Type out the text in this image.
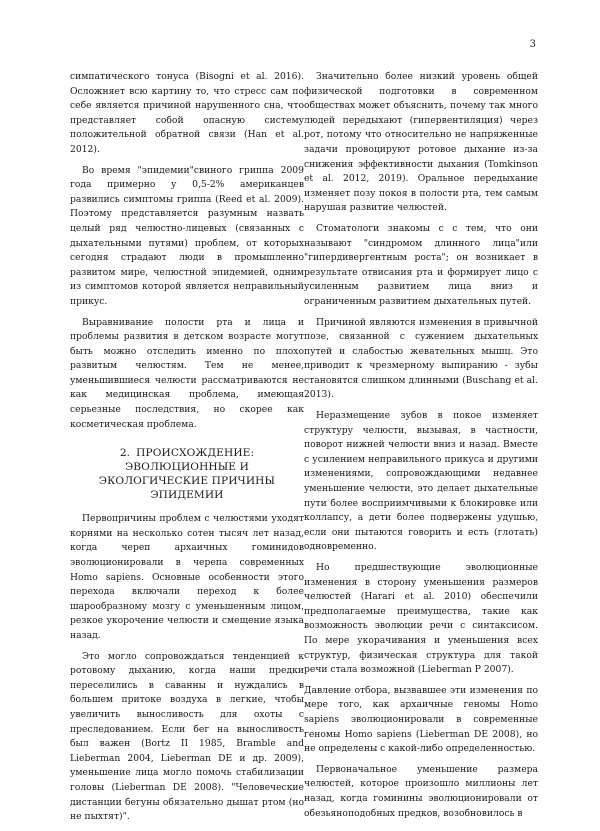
3

симпатического тонуса (Bisogni et al. 2016). Осложняет всю картину то, что стресс сам по себе является причиной нарушенного сна, что представляет собой опасную систему положительной обратной связи (Han et al. 2012).

Во время "эпидемии"свиного гриппа 2009 года примерно у 0,5-2% американцев развились симптомы гриппа (Reed et al. 2009). Поэтому представляется разумным назвать целый ряд челюстно-лицевых (связанных с дыхательными путями) проблем, от которых сегодня страдают люди в промышленно развитом мире, челюстной эпидемией, одним из симптомов которой является неправильный прикус.

Выравнивание полости рта и лица и проблемы развития в детском возрасте могут быть можно отследить именно по плохо развитым челюстям. Тем не менее, уменьшившиеся челюсти рассматриваются не как медицинская проблема, имеющая серьезные последствия, но скорее как косметическая проблема.

2. ПРОИСХОЖДЕНИЕ: ЭВОЛЮЦИОННЫЕ И ЭКОЛОГИЧЕСКИЕ ПРИЧИНЫ ЭПИДЕМИИ

Первопричины проблем с челюстями уходят корнями на несколько сотен тысяч лет назад, когда череп архаичных гоминидов эволюционировали в черепа современных Homo sapiens. Основные особенности этого перехода включали переход к более шарообразному мозгу с уменьшенным лицом, резкое укорочение челюсти и смещение языка назад.

Это могло сопровождаться тенденцией к ротовому дыханию, когда наши предки переселились в саванны и нуждались в большем притоке воздуха в легкие, чтобы увеличить выносливость для охоты с преследованием. Если бег на выносливость был важен (Bortz II 1985, Bramble and Lieberman 2004, Lieberman DE и др. 2009), уменьшение лица могло помочь стабилизации головы (Lieberman DE 2008). "Человеческие дистанции бегуны обязательно дышат ртом (но не пыхтят)".

Значительно более низкий уровень общей физической подготовки в современном обществах может объяснить, почему так много людей передыхают (гипервентиляция) через рот, потому что относительно не напряженные задачи провоцируют ротовое дыхание из-за снижения эффективности дыхания (Tomkinson et al. 2012, 2019). Оральное передыхание изменяет позу покоя в полости рта, тем самым нарушая развитие челюстей.

Стоматологи знакомы с с тем, что они называют "синдромом длинного лица"или "гипердивергентным роста"; он возникает в результате отвисания рта и формирует лицо с усиленным развитием лица вниз и ограниченным развитием дыхательных путей.

Причиной являются изменения в привычной позе, связанной с сужением дыхательных путей и слабостью жевательных мышц. Это приводит к чрезмерному выпиранию - зубы становятся слишком длинными (Buschang et al. 2013).

Неразмещение зубов в покое изменяет структуру челюсти, вызывая, в частности, поворот нижней челюсти вниз и назад. Вместе с усилением неправильного прикуса и другими изменениями, сопровождающими недавнее уменьшение челюсти, это делает дыхательные пути более восприимчивыми к блокировке или коллапсу, а дети более подвержены удушью, если они пытаются говорить и есть (глотать) одновременно.

Но предшествующие эволюционные изменения в сторону уменьшения размеров челюстей (Harari et al. 2010) обеспечили предполагаемые преимущества, такие как возможность эволюции речи с синтаксисом. По мере укорачивания и уменьшения всех структур, физическая структура для такой речи стала возможной (Lieberman P 2007).

Давление отбора, вызвавшее эти изменения по мере того, как архаичные геномы Homo sapiens эволюционировали в современные геномы Homo sapiens (Lieberman DE 2008), но не определены с какой-либо определенностью.

Первоначальное уменьшение размера челюстей, которое произошло миллионы лет назад, когда гоминины эволюционировали от обезьяноподобных предков, возобновилось в
